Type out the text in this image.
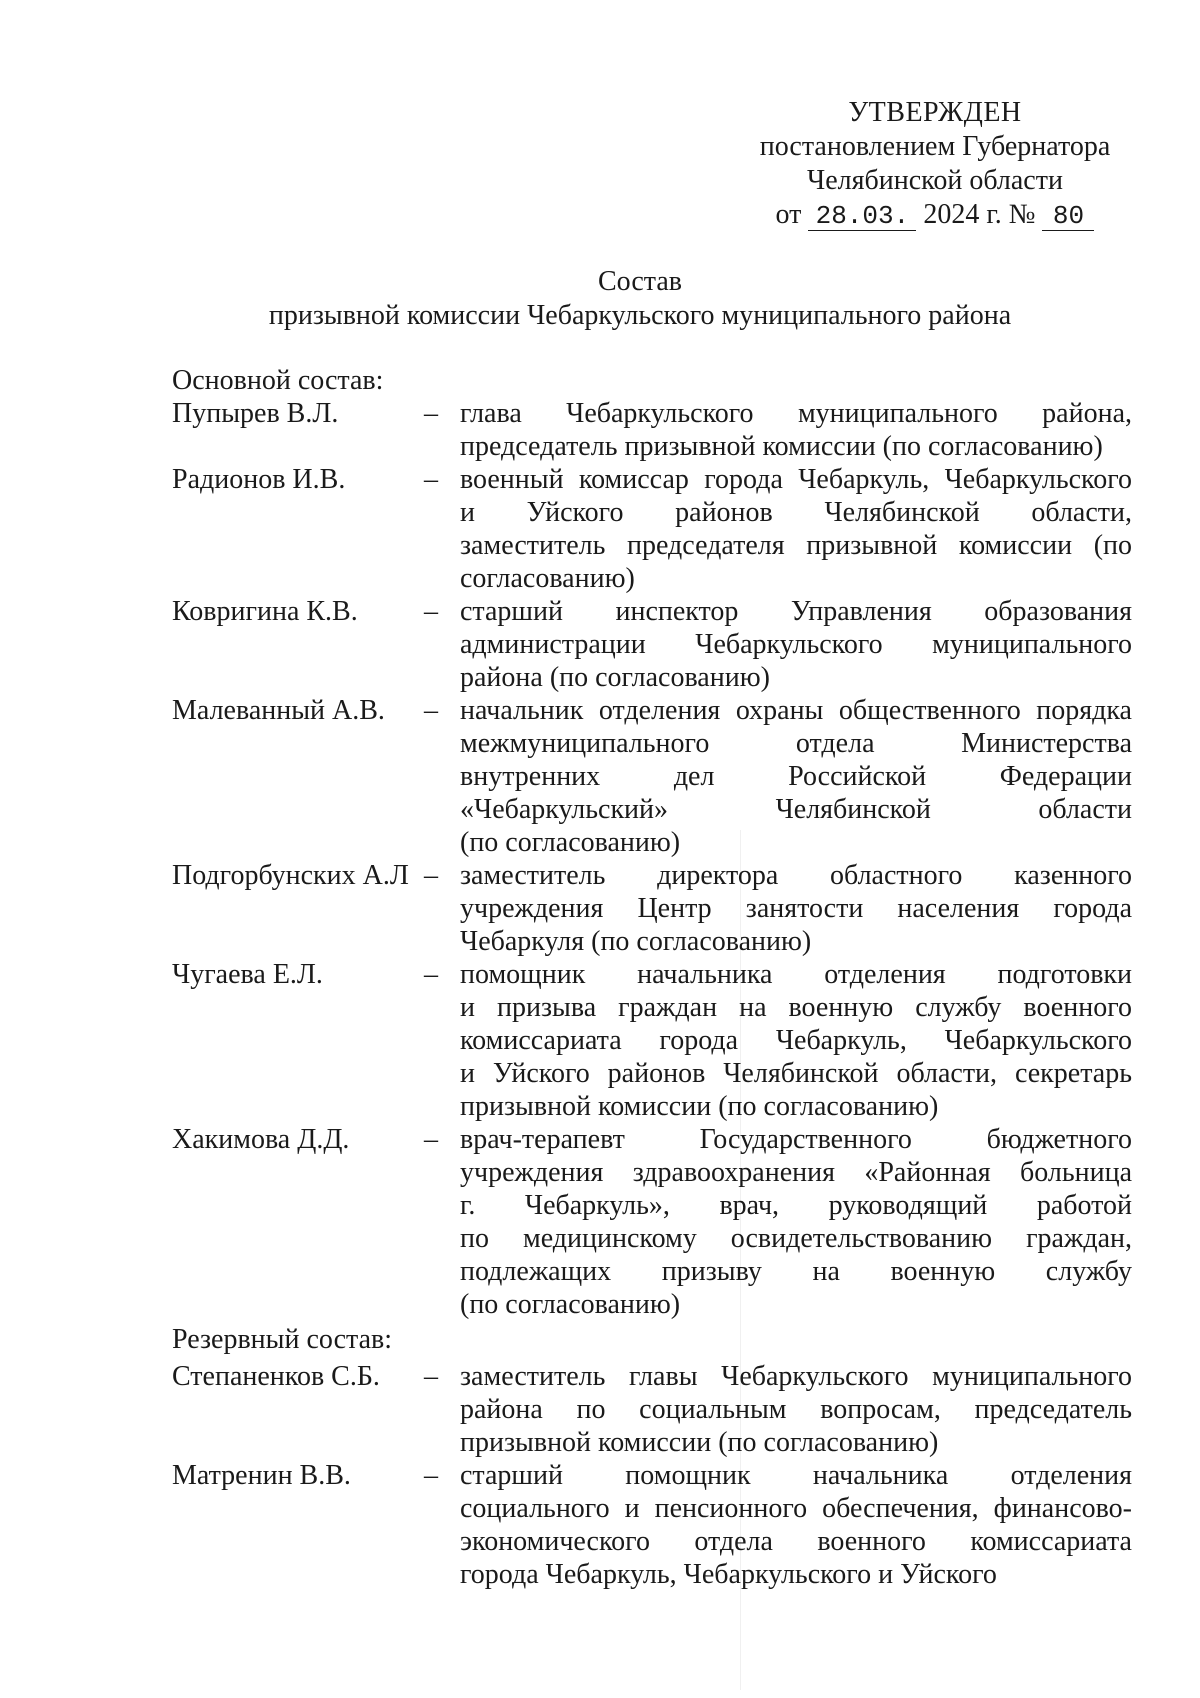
УТВЕРЖДЕН
постановлением Губернатора
Челябинской области
от 28.03. 2024 г. № 80
Состав
призывной комиссии Чебаркульского муниципального района
Основной состав:
Пупырев В.Л.	– глава Чебаркульского муниципального района,
председатель призывной комиссии (по согласованию)
Радионов И.В.	– военный комиссар города Чебаркуль, Чебаркульского
и Уйского районов Челябинской области,
заместитель председателя призывной комиссии (по
согласованию)
Ковригина К.В. – старший инспектор Управления образования
администрации Чебаркульского муниципального
района (по согласованию)
Малеванный А.В. – начальник отделения охраны общественного порядка
межмуниципального отдела Министерства
внутренних дел Российской Федерации
«Чебаркульский» Челябинской области
(по согласованию)
Подгорбунских А.Л – заместитель директора областного казенного
учреждения Центр занятости населения города
Чебаркуля (по согласованию)
Чугаева Е.Л.	– помощник начальника отделения подготовки
и призыва граждан на военную службу военного
комиссариата города Чебаркуль, Чебаркульского
и Уйского районов Челябинской области, секретарь
призывной комиссии (по согласованию)
Хакимова Д.Д.	– врач-терапевт Государственного бюджетного
учреждения здравоохранения «Районная больница
г. Чебаркуль», врач, руководящий работой
по медицинскому освидетельствованию граждан,
подлежащих призыву на военную службу
(по согласованию)
Резервный состав:
Степаненков С.Б. – заместитель главы Чебаркульского муниципального
района по социальным вопросам, председатель
призывной комиссии (по согласованию)
Матренин В.В.	– старший помощник начальника отделения
социального и пенсионного обеспечения, финансово-
экономического отдела военного комиссариата
города Чебаркуль, Чебаркульского и Уйского
